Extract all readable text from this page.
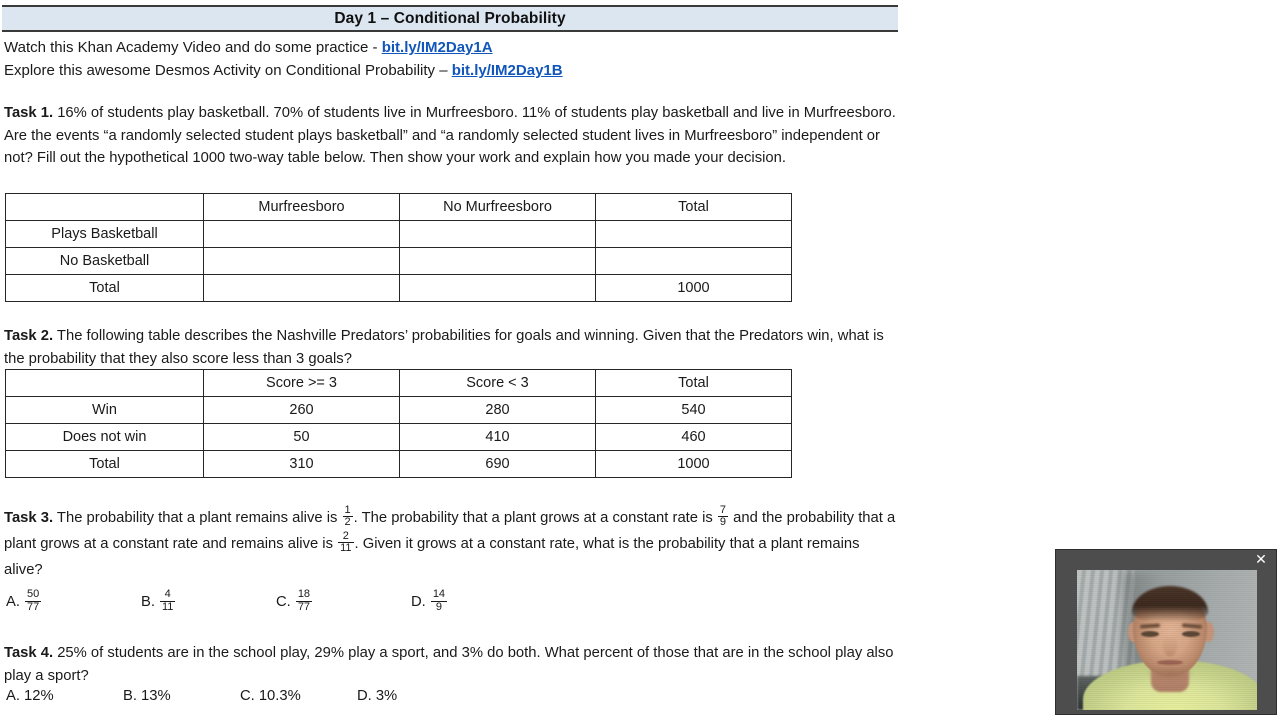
Day 1 – Conditional Probability
Watch this Khan Academy Video and do some practice - bit.ly/IM2Day1A
Explore this awesome Desmos Activity on Conditional Probability – bit.ly/IM2Day1B
Task 1. 16% of students play basketball. 70% of students live in Murfreesboro. 11% of students play basketball and live in Murfreesboro. Are the events “a randomly selected student plays basketball” and “a randomly selected student lives in Murfreesboro” independent or not? Fill out the hypothetical 1000 two-way table below. Then show your work and explain how you made your decision.
	Murfreesboro	No Murfreesboro	Total
Plays Basketball			
No Basketball			
Total			1000
Task 2. The following table describes the Nashville Predators’ probabilities for goals and winning. Given that the Predators win, what is the probability that they also score less than 3 goals?
	Score >= 3	Score < 3	Total
Win	260	280	540
Does not win	50	410	460
Total	310	690	1000
Task 3. The probability that a plant remains alive is $\frac{1}{2}$ . The probability that a plant grows at a constant rate is $\frac{7}{9}$ and the probability that a plant grows at a constant rate and remains alive is $\frac{2}{11}$ . Given it grows at a constant rate, what is the probability that a plant remains alive?
A. $\frac{50}{77}$	B. $\frac{4}{11}$	C. $\frac{18}{77}$	D. $\frac{14}{9}$
Task 4. 25% of students are in the school play, 29% play a sport, and 3% do both. What percent of those that are in the school play also play a sport?
A. 12%	B. 13%	C. 10.3%	D. 3%
✕
